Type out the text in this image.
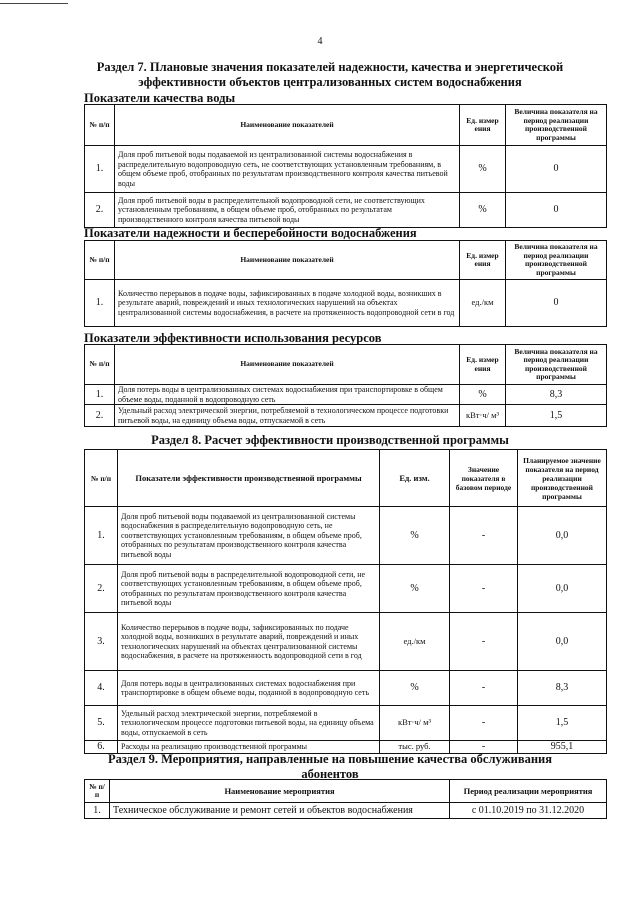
4
Раздел 7. Плановые значения показателей надежности, качества и энергетической
эффективности объектов централизованных систем водоснабжения
Показатели качества воды
№ п/п	Наименование показателей	Ед. измер ения	Величина показателя на период реализации производственной программы
1.	Доля проб питьевой воды подаваемой из централизованной системы водоснабжения в распределительную водопроводную сеть, не соответствующих установленным требованиям, в общем объеме проб, отобранных по результатам производственного контроля качества питьевой воды	%	0
2.	Доля проб питьевой воды в распределительной водопроводной сети, не соответствующих установленным требованиям, в общем объеме проб, отобранных по результатам производственного контроля качества питьевой воды	%	0
Показатели надежности и бесперебойности водоснабжения
№ п/п	Наименование показателей	Ед. измер ения	Величина показателя на период реализации производственной программы
1.	Количество перерывов в подаче воды, зафиксированных в подаче холодной воды, возникших в результате аварий, повреждений и иных технологических нарушений на объектах централизованной системы водоснабжения, в расчете на протяженность водопроводной сети в год	ед./км	0
Показатели эффективности использования ресурсов
№ п/п	Наименование показателей	Ед. измер ения	Величина показателя на период реализации производственной программы
1.	Доля потерь воды в централизованных системах водоснабжения при транспортировке в общем объеме воды, поданной в водопроводную сеть	%	8,3
2.	Удельный расход электрической энергии, потребляемой в технологическом процессе подготовки питьевой воды, на единицу объема воды, отпускаемой в сеть	кВт·ч/ м³	1,5
Раздел 8. Расчет эффективности производственной программы
№ п/п	Показатели эффективности производственной программы	Ед. изм.	Значение показателя в базовом периоде	Планируемое значение показателя на период реализации производственной программы
1.	Доля проб питьевой воды подаваемой из централизованной системы водоснабжения в распределительную водопроводную сеть, не соответствующих установленным требованиям, в общем объеме проб, отобранных по результатам производственного контроля качества питьевой воды	%	-	0,0
2.	Доля проб питьевой воды в распределительной водопроводной сети, не соответствующих установленным требованиям, в общем объеме проб, отобранных по результатам производственного контроля качества питьевой воды	%	-	0,0
3.	Количество перерывов в подаче воды, зафиксированных по подаче холодной воды, возникших в результате аварий, повреждений и иных технологических нарушений на объектах централизованной системы водоснабжения, в расчете на протяженность водопроводной сети в год	ед./км	-	0,0
4.	Доля потерь воды в централизованных системах водоснабжения при транспортировке в общем объеме воды, поданной в водопроводную сеть	%	-	8,3
5.	Удельный расход электрической энергии, потребляемой в технологическом процессе подготовки питьевой воды, на единицу объема воды, отпускаемой в сеть	кВт·ч/ м³	-	1,5
6.	Расходы на реализацию производственной программы	тыс. руб.	-	955,1
Раздел 9. Мероприятия, направленные на повышение качества обслуживания
абонентов
№ п/п	Наименование мероприятия	Период реализации мероприятия
1.	Техническое обслуживание и ремонт сетей и объектов водоснабжения	с 01.10.2019 по 31.12.2020
